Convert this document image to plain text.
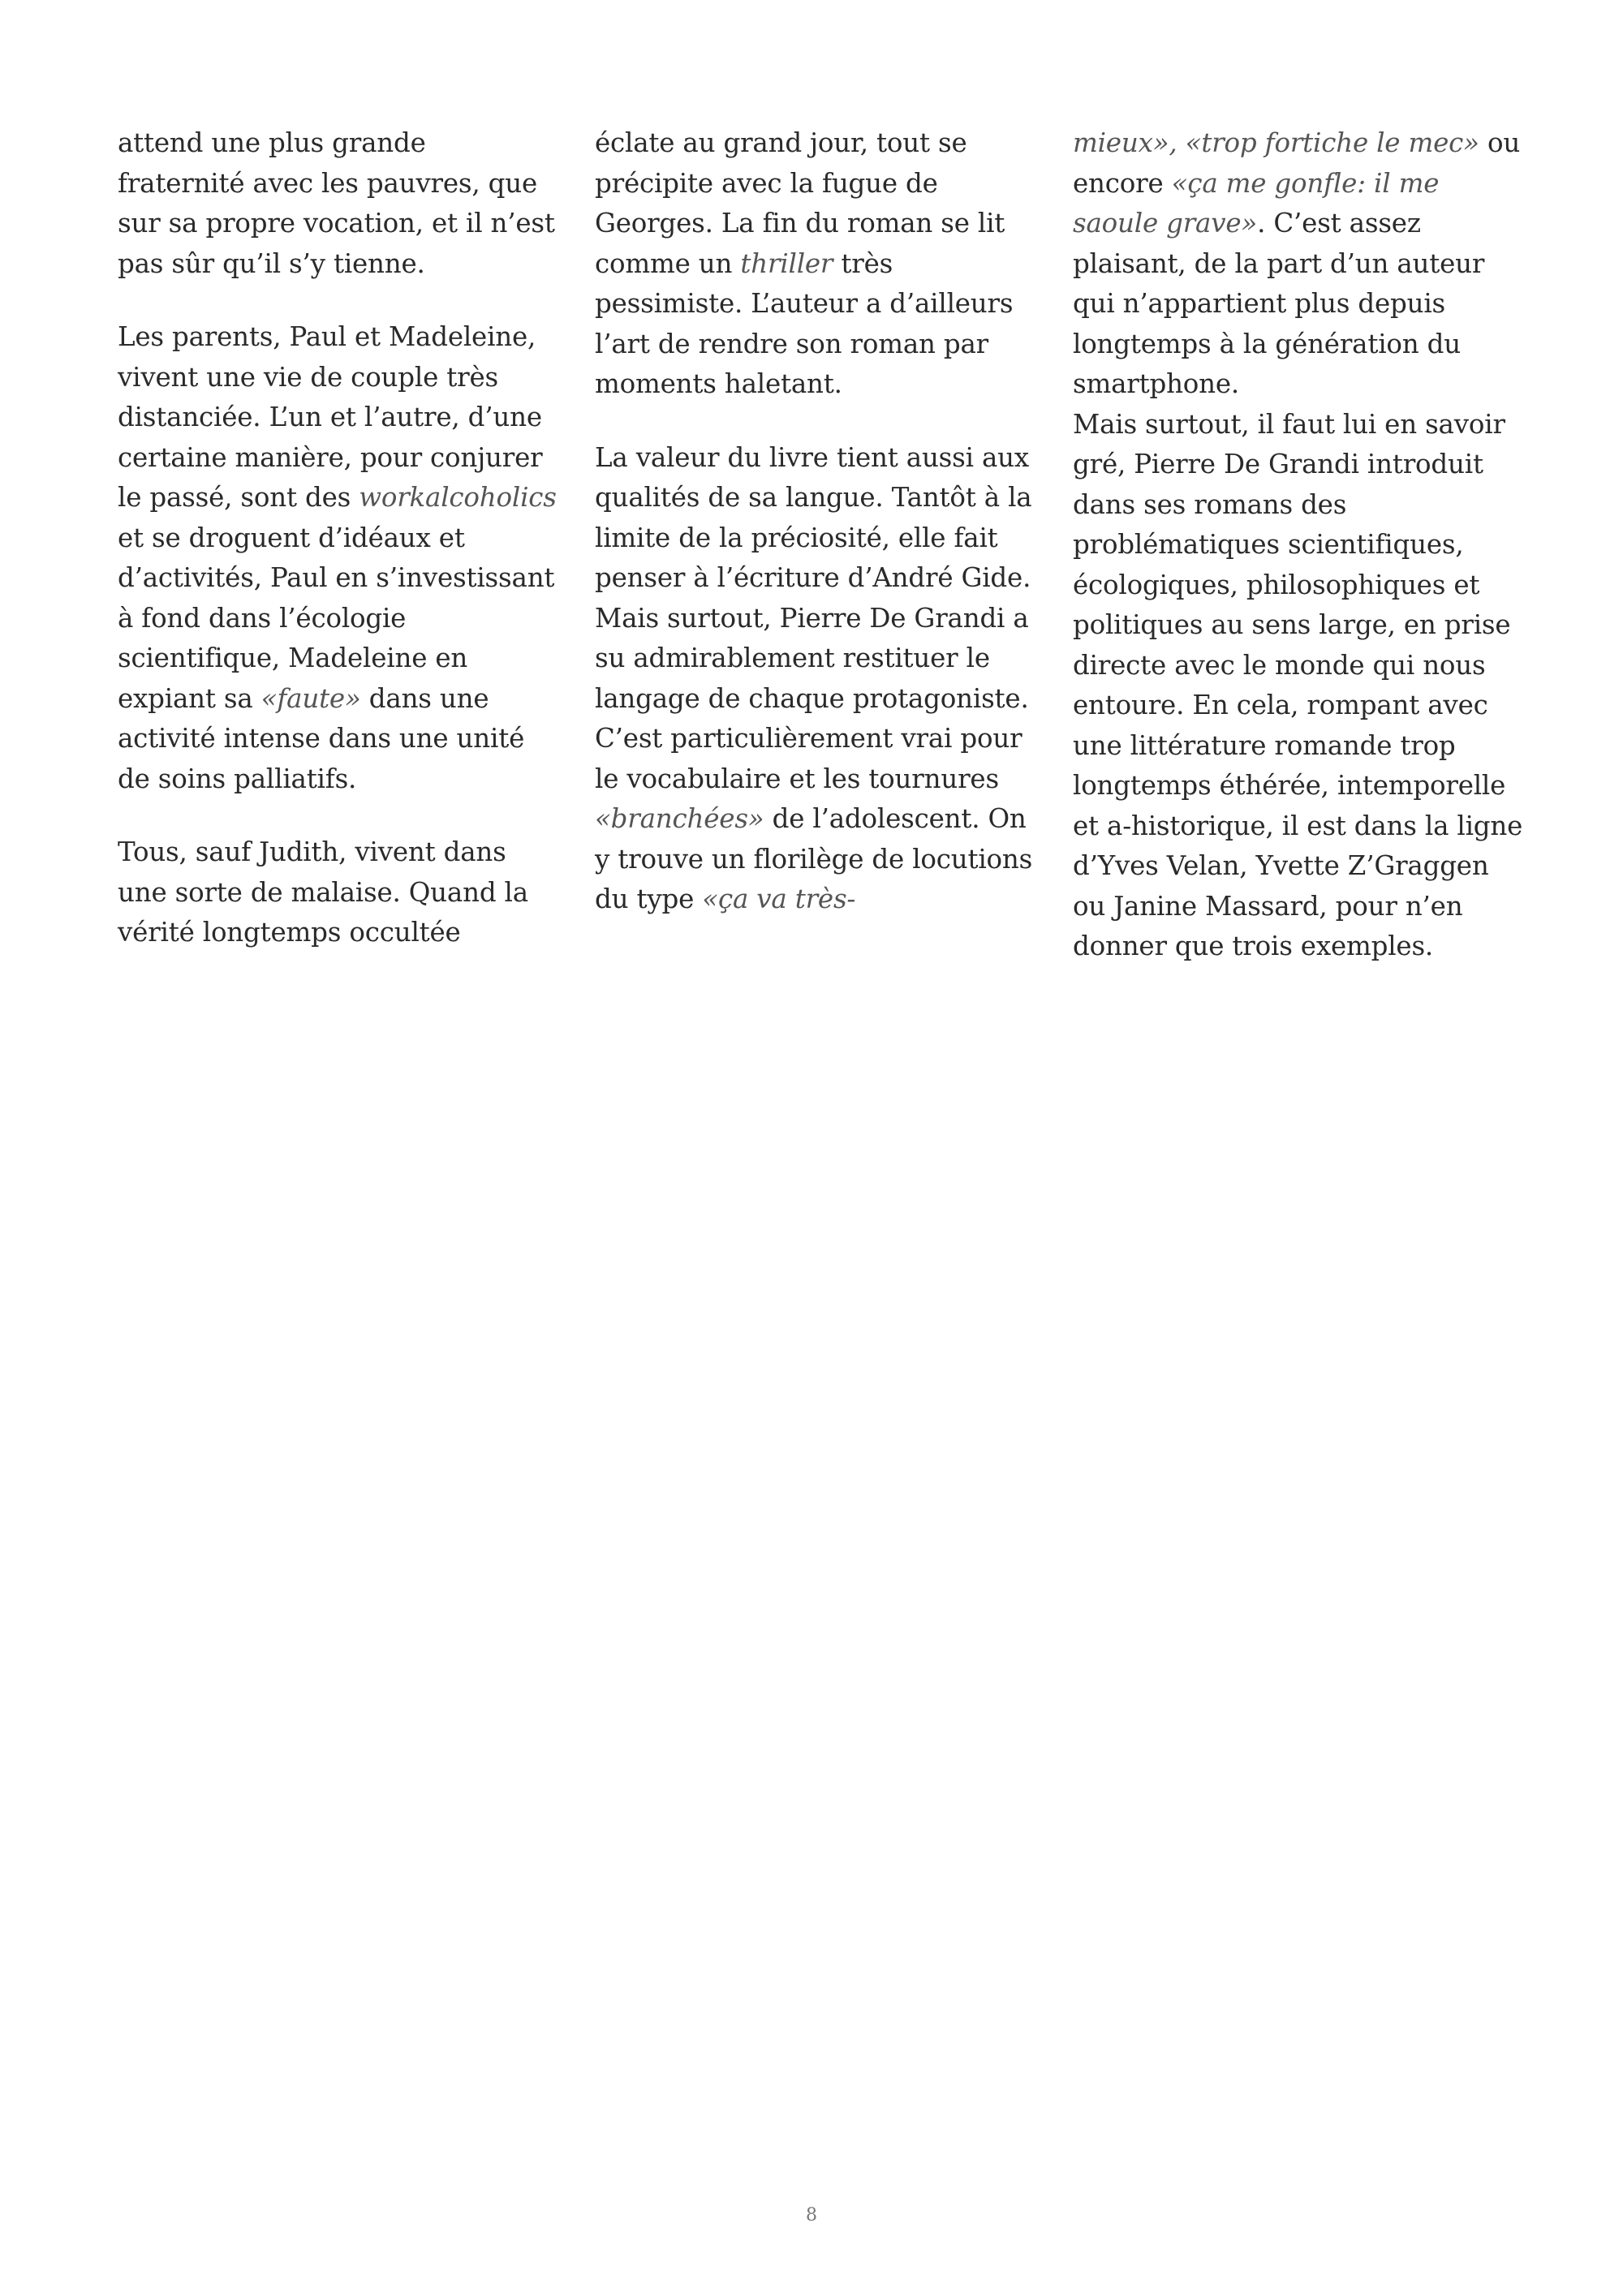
attend une plus grande fraternité avec les pauvres, que sur sa propre vocation, et il n’est pas sûr qu’il s’y tienne.

Les parents, Paul et Madeleine, vivent une vie de couple très distanciée. L’un et l’autre, d’une certaine manière, pour conjurer le passé, sont des workalcoholics et se droguent d’idéaux et d’activités, Paul en s’investissant à fond dans l’écologie scientifique, Madeleine en expiant sa «faute» dans une activité intense dans une unité de soins palliatifs.

Tous, sauf Judith, vivent dans une sorte de malaise. Quand la vérité longtemps occultée

éclate au grand jour, tout se précipite avec la fugue de Georges. La fin du roman se lit comme un thriller très pessimiste. L’auteur a d’ailleurs l’art de rendre son roman par moments haletant.

La valeur du livre tient aussi aux qualités de sa langue. Tantôt à la limite de la préciosité, elle fait penser à l’écriture d’André Gide. Mais surtout, Pierre De Grandi a su admirablement restituer le langage de chaque protagoniste. C’est particulièrement vrai pour le vocabulaire et les tournures «branchées» de l’adolescent. On y trouve un florilège de locutions du type «ça va très-

mieux», «trop fortiche le mec» ou encore «ça me gonfle: il me saoule grave». C’est assez plaisant, de la part d’un auteur qui n’appartient plus depuis longtemps à la génération du smartphone.

Mais surtout, il faut lui en savoir gré, Pierre De Grandi introduit dans ses romans des problématiques scientifiques, écologiques, philosophiques et politiques au sens large, en prise directe avec le monde qui nous entoure. En cela, rompant avec une littérature romande trop longtemps éthérée, intemporelle et a-historique, il est dans la ligne d’Yves Velan, Yvette Z’Graggen ou Janine Massard, pour n’en donner que trois exemples.

8
